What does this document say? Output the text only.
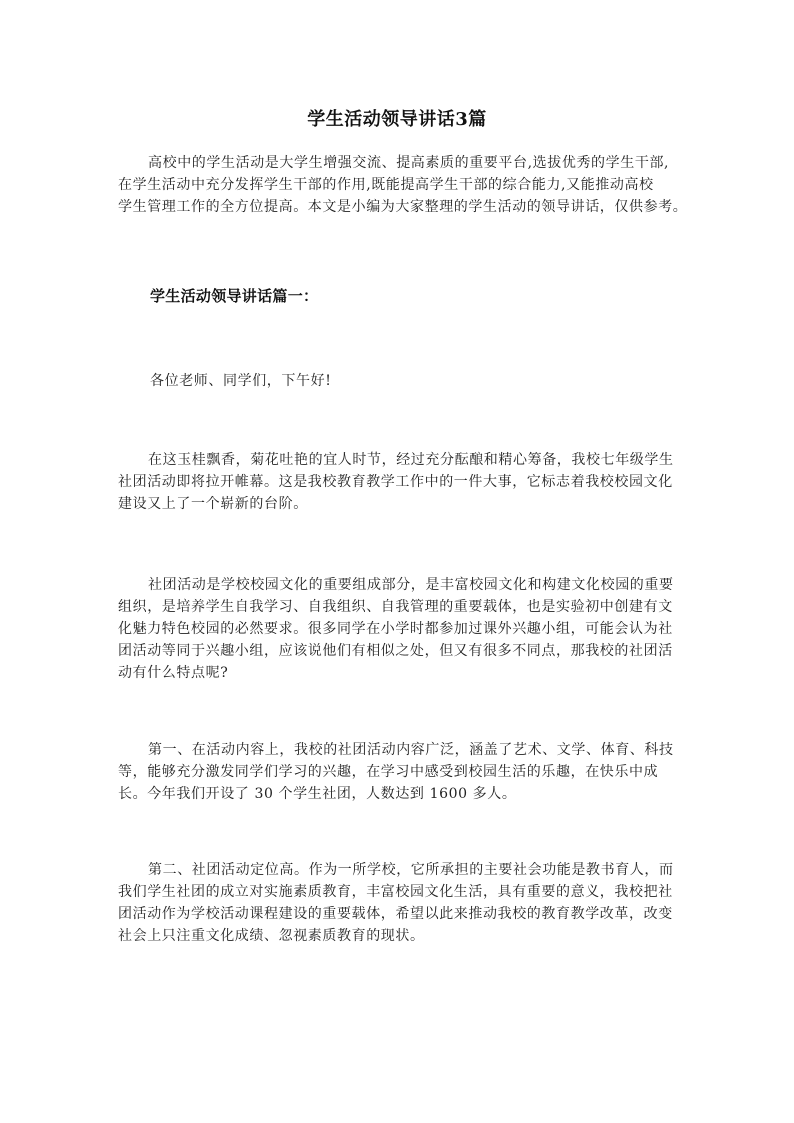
学生活动领导讲话3篇
高校中的学生活动是大学生增强交流、提高素质的重要平台,选拔优秀的学生干部,
在学生活动中充分发挥学生干部的作用,既能提高学生干部的综合能力,又能推动高校
学生管理工作的全方位提高。本文是小编为大家整理的学生活动的领导讲话，仅供参考。
学生活动领导讲话篇一：
各位老师、同学们，下午好!
在这玉桂飘香，菊花吐艳的宜人时节，经过充分酝酿和精心筹备，我校七年级学生
社团活动即将拉开帷幕。这是我校教育教学工作中的一件大事，它标志着我校校园文化
建设又上了一个崭新的台阶。
社团活动是学校校园文化的重要组成部分，是丰富校园文化和构建文化校园的重要
组织，是培养学生自我学习、自我组织、自我管理的重要载体，也是实验初中创建有文
化魅力特色校园的必然要求。很多同学在小学时都参加过课外兴趣小组，可能会认为社
团活动等同于兴趣小组，应该说他们有相似之处，但又有很多不同点，那我校的社团活
动有什么特点呢?
第一、在活动内容上，我校的社团活动内容广泛，涵盖了艺术、文学、体育、科技
等，能够充分激发同学们学习的兴趣，在学习中感受到校园生活的乐趣，在快乐中成
长。今年我们开设了 30 个学生社团，人数达到 1600 多人。
第二、社团活动定位高。作为一所学校，它所承担的主要社会功能是教书育人，而
我们学生社团的成立对实施素质教育，丰富校园文化生活，具有重要的意义，我校把社
团活动作为学校活动课程建设的重要载体，希望以此来推动我校的教育教学改革，改变
社会上只注重文化成绩、忽视素质教育的现状。
